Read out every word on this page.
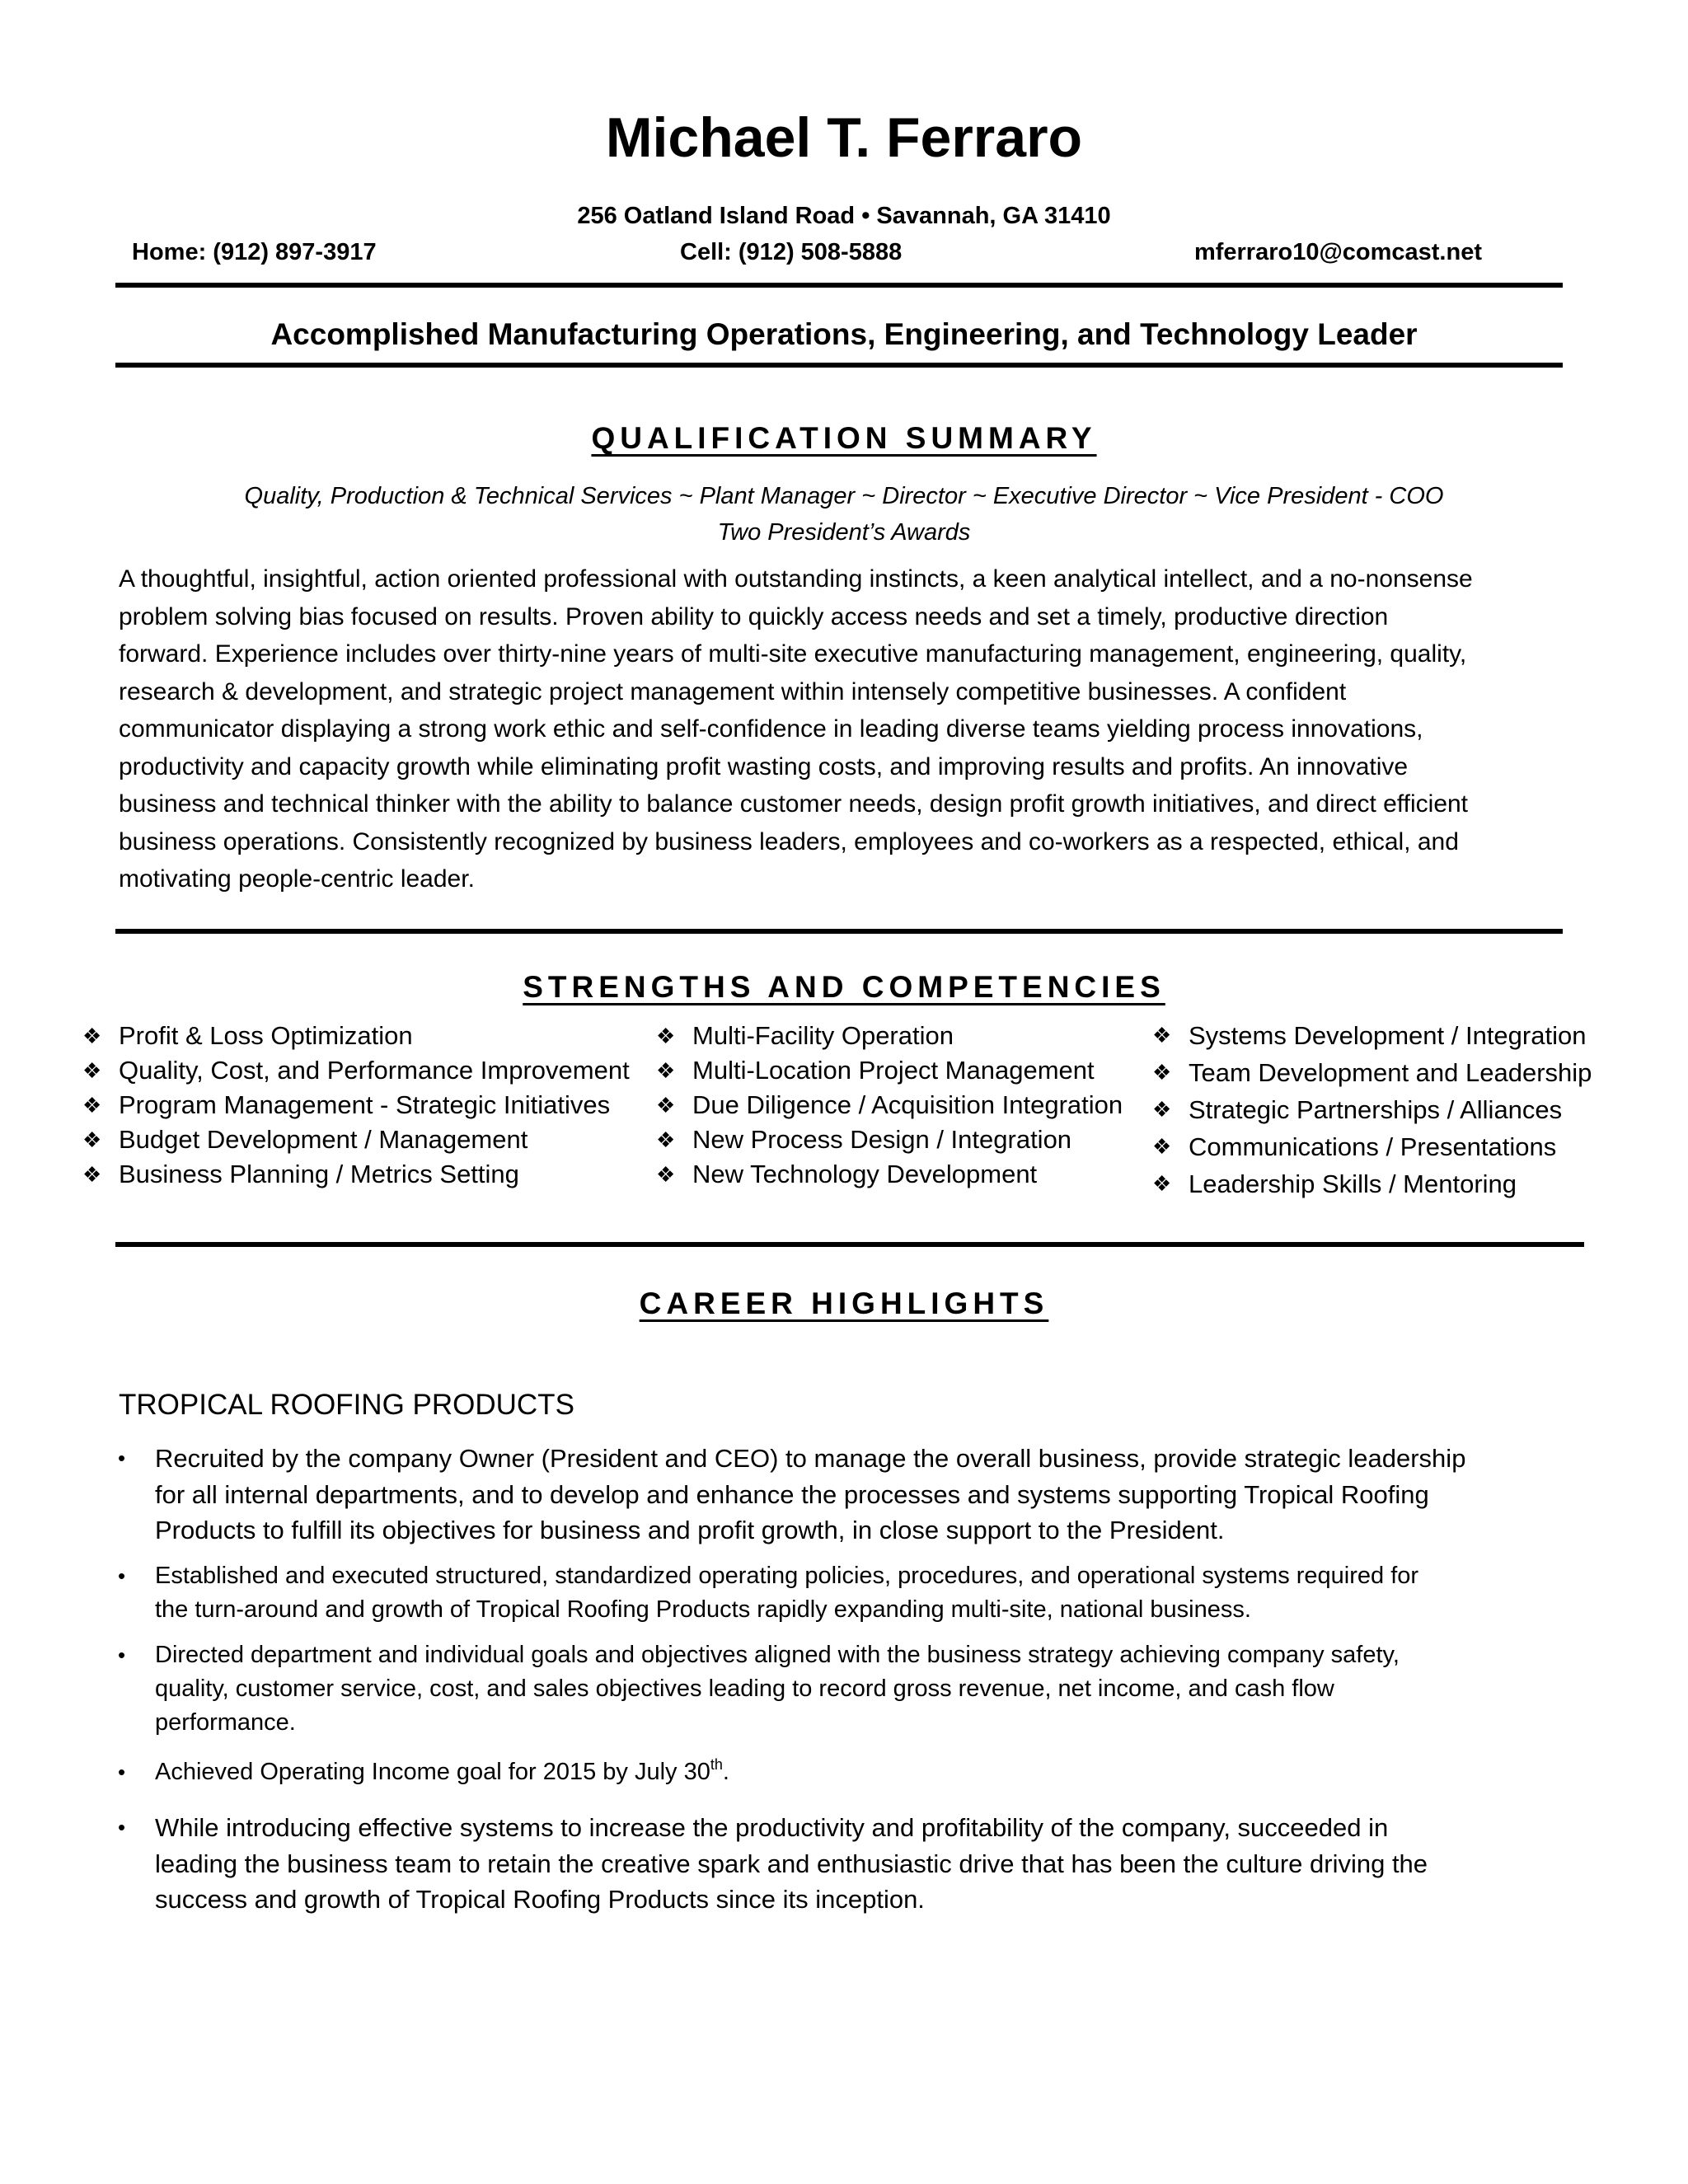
Michael T. Ferraro
256 Oatland Island Road • Savannah, GA 31410
Home: (912) 897-3917	Cell: (912) 508-5888	mferraro10@comcast.net
Accomplished Manufacturing Operations, Engineering, and Technology Leader
QUALIFICATION SUMMARY
Quality, Production & Technical Services ~ Plant Manager ~ Director ~ Executive Director ~ Vice President - COO
Two President’s Awards
A thoughtful, insightful, action oriented professional with outstanding instincts, a keen analytical intellect, and a no-nonsense
problem solving bias focused on results. Proven ability to quickly access needs and set a timely, productive direction
forward. Experience includes over thirty-nine years of multi-site executive manufacturing management, engineering, quality,
research & development, and strategic project management within intensely competitive businesses. A confident
communicator displaying a strong work ethic and self-confidence in leading diverse teams yielding process innovations,
productivity and capacity growth while eliminating profit wasting costs, and improving results and profits. An innovative
business and technical thinker with the ability to balance customer needs, design profit growth initiatives, and direct efficient
business operations. Consistently recognized by business leaders, employees and co-workers as a respected, ethical, and
motivating people-centric leader.
STRENGTHS AND COMPETENCIES
❖ Profit & Loss Optimization
❖ Quality, Cost, and Performance Improvement
❖ Program Management - Strategic Initiatives
❖ Budget Development / Management
❖ Business Planning / Metrics Setting
❖ Multi-Facility Operation
❖ Multi-Location Project Management
❖ Due Diligence / Acquisition Integration
❖ New Process Design / Integration
❖ New Technology Development
❖ Systems Development / Integration
❖ Team Development and Leadership
❖ Strategic Partnerships / Alliances
❖ Communications / Presentations
❖ Leadership Skills / Mentoring
CAREER HIGHLIGHTS
TROPICAL ROOFING PRODUCTS
• Recruited by the company Owner (President and CEO) to manage the overall business, provide strategic leadership
for all internal departments, and to develop and enhance the processes and systems supporting Tropical Roofing
Products to fulfill its objectives for business and profit growth, in close support to the President.
• Established and executed structured, standardized operating policies, procedures, and operational systems required for
the turn-around and growth of Tropical Roofing Products rapidly expanding multi-site, national business.
• Directed department and individual goals and objectives aligned with the business strategy achieving company safety,
quality, customer service, cost, and sales objectives leading to record gross revenue, net income, and cash flow
performance.
• Achieved Operating Income goal for 2015 by July 30th.
• While introducing effective systems to increase the productivity and profitability of the company, succeeded in
leading the business team to retain the creative spark and enthusiastic drive that has been the culture driving the
success and growth of Tropical Roofing Products since its inception.
